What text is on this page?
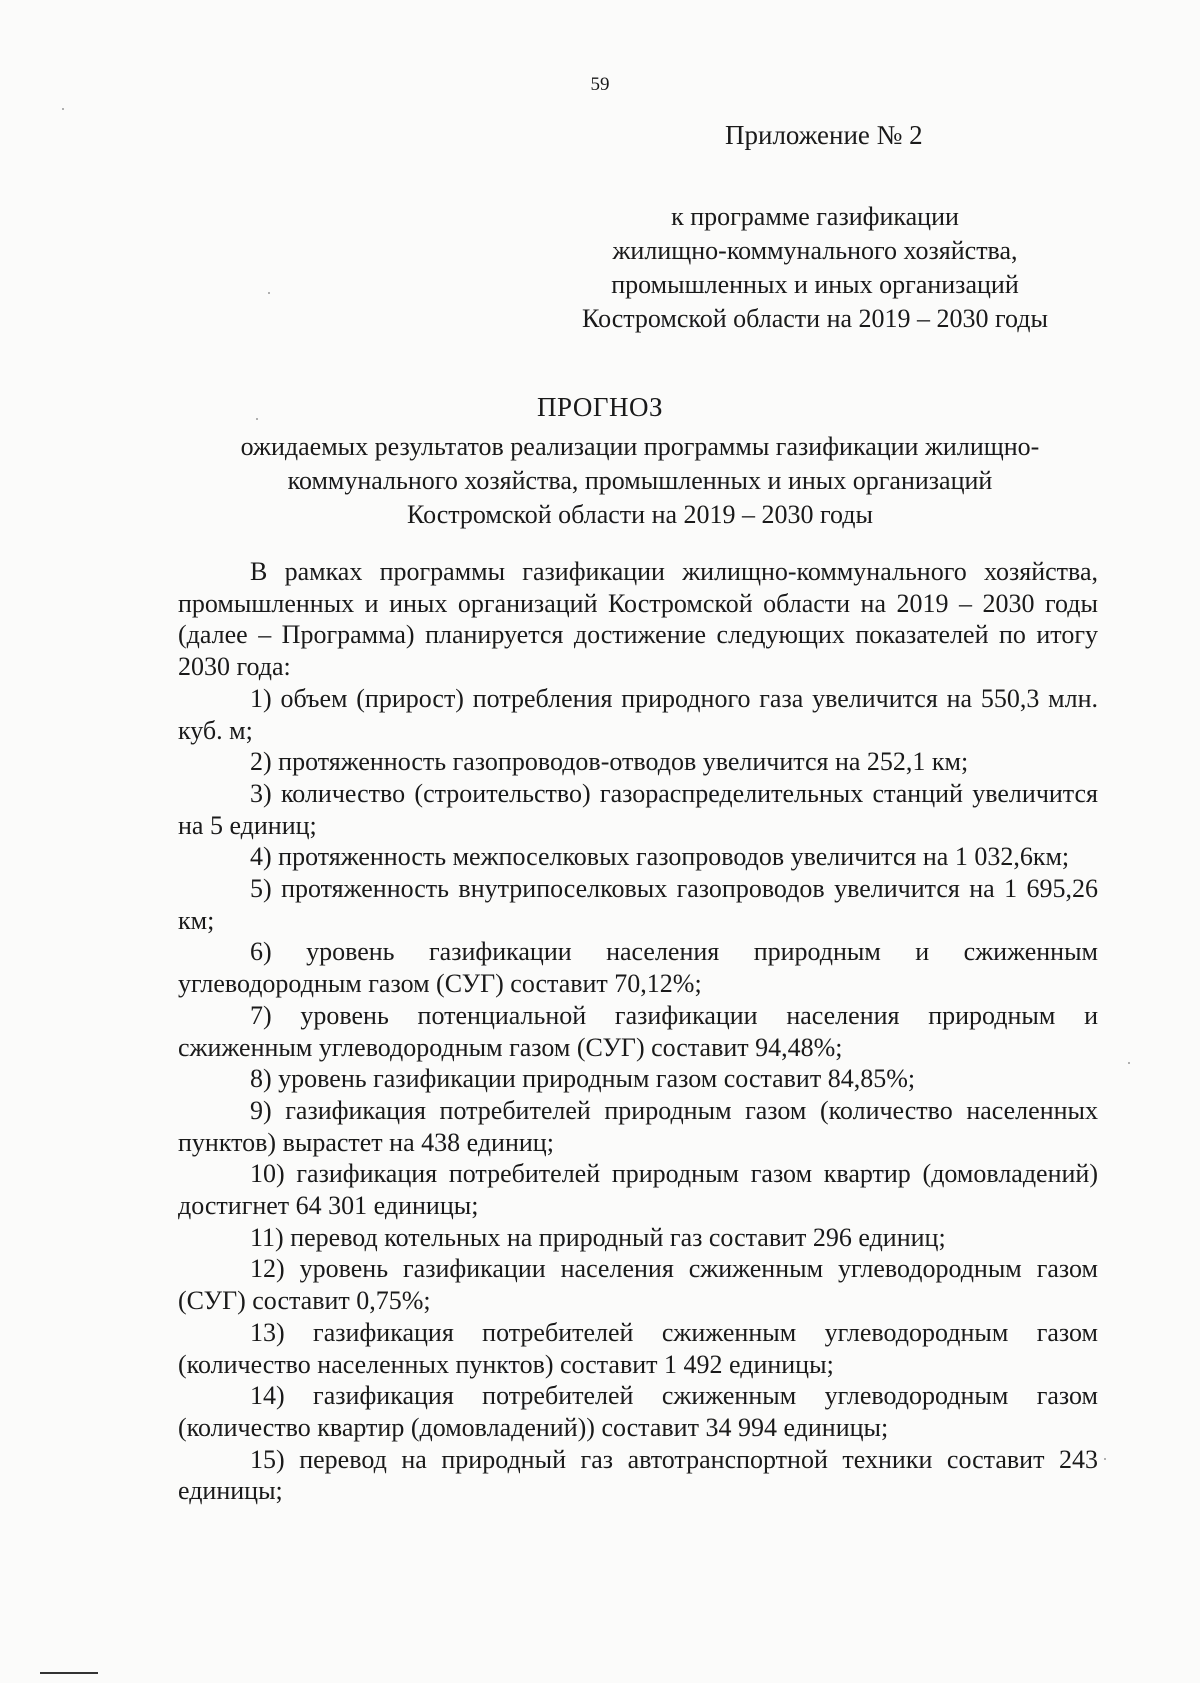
59
Приложение № 2
к программе газификации
жилищно-коммунального хозяйства,
промышленных и иных организаций
Костромской области на 2019 – 2030 годы
ПРОГНОЗ
ожидаемых результатов реализации программы газификации жилищно-
коммунального хозяйства, промышленных и иных организаций
Костромской области на 2019 – 2030 годы

В рамках программы газификации жилищно-коммунального хозяйства, промышленных и иных организаций Костромской области на 2019 – 2030 годы (далее – Программа) планируется достижение следующих показателей по итогу 2030 года:

1) объем (прирост) потребления природного газа увеличится на 550,3 млн. куб. м;

2) протяженность газопроводов-отводов увеличится на 252,1 км;

3) количество (строительство) газораспределительных станций увеличится на 5 единиц;

4) протяженность межпоселковых газопроводов увеличится на 1 032,6км;

5) протяженность внутрипоселковых газопроводов увеличится на 1 695,26 км;

6) уровень газификации населения природным и сжиженным углеводородным газом (СУГ) составит 70,12%;

7) уровень потенциальной газификации населения природным и сжиженным углеводородным газом (СУГ) составит 94,48%;

8) уровень газификации природным газом составит 84,85%;

9) газификация потребителей природным газом (количество населенных пунктов) вырастет на 438 единиц;

10) газификация потребителей природным газом квартир (домовладений) достигнет 64 301 единицы;

11) перевод котельных на природный газ составит 296 единиц;

12) уровень газификации населения сжиженным углеводородным газом (СУГ) составит 0,75%;

13) газификация потребителей сжиженным углеводородным газом (количество населенных пунктов) составит 1 492 единицы;

14) газификация потребителей сжиженным углеводородным газом (количество квартир (домовладений)) составит 34 994 единицы;

15) перевод на природный газ автотранспортной техники составит 243 единицы;
